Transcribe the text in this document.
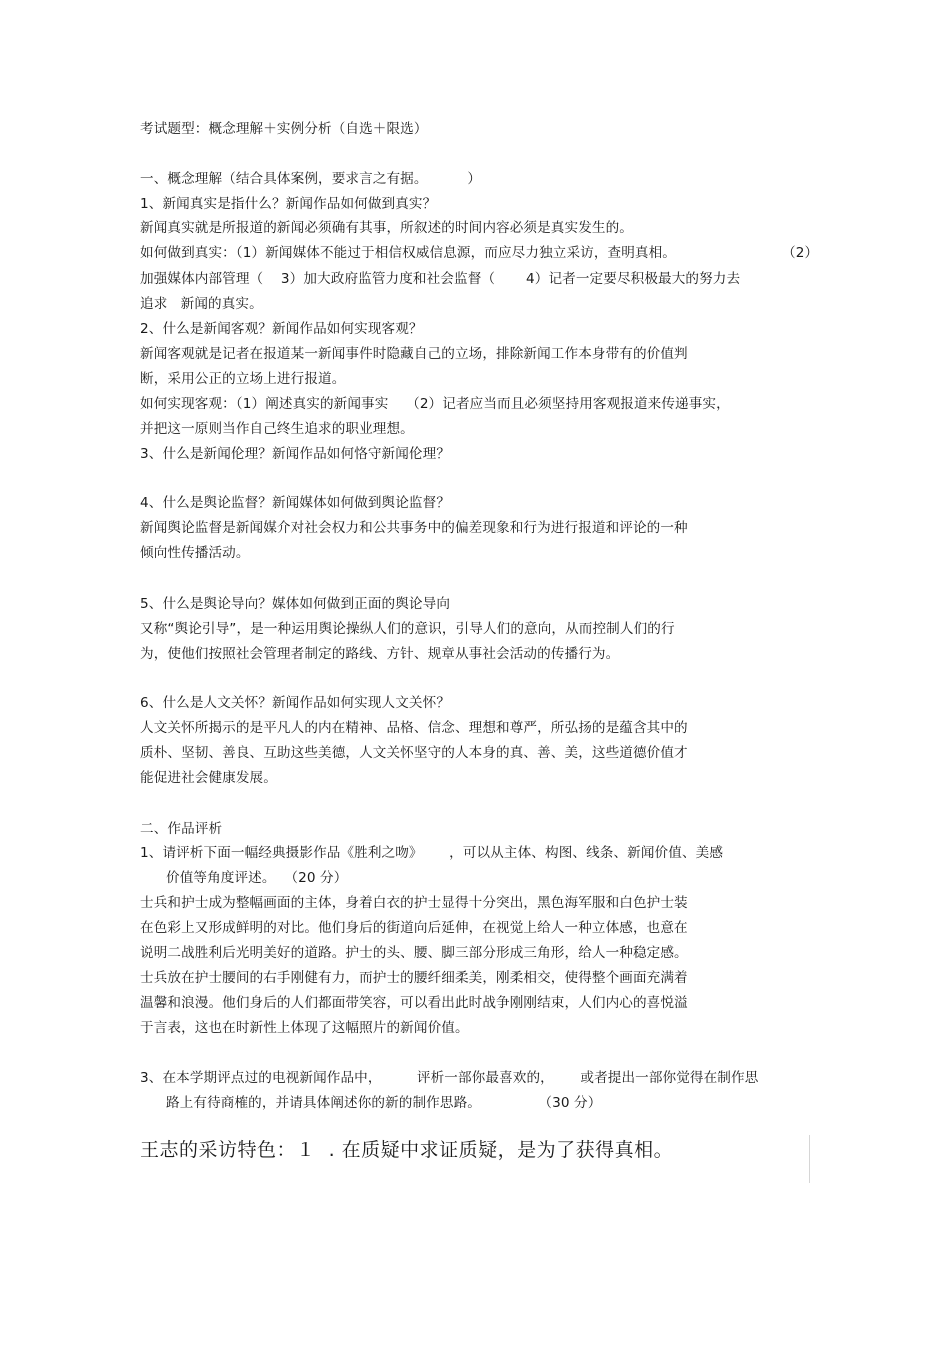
考试题型：概念理解＋实例分析（自选＋限选）
一、概念理解（结合具体案例，要求言之有据。         ）
1、新闻真实是指什么？新闻作品如何做到真实？
新闻真实就是所报道的新闻必须确有其事，所叙述的时间内容必须是真实发生的。
如何做到真实：（1）新闻媒体不能过于相信权威信息源，而应尽力独立采访，查明真相。	（2）
加强媒体内部管理（    3）加大政府监管力度和社会监督（       4）记者一定要尽积极最大的努力去
追求   新闻的真实。
2、什么是新闻客观？新闻作品如何实现客观？
新闻客观就是记者在报道某一新闻事件时隐藏自己的立场，排除新闻工作本身带有的价值判
断，采用公正的立场上进行报道。
如何实现客观：（1）阐述真实的新闻事实    （2）记者应当而且必须坚持用客观报道来传递事实，
并把这一原则当作自己终生追求的职业理想。
3、什么是新闻伦理？新闻作品如何恪守新闻伦理？
4、什么是舆论监督？新闻媒体如何做到舆论监督？
新闻舆论监督是新闻媒介对社会权力和公共事务中的偏差现象和行为进行报道和评论的一种
倾向性传播活动。
5、什么是舆论导向？媒体如何做到正面的舆论导向
又称“舆论引导”，是一种运用舆论操纵人们的意识，引导人们的意向，从而控制人们的行
为，使他们按照社会管理者制定的路线、方针、规章从事社会活动的传播行为。
6、什么是人文关怀？新闻作品如何实现人文关怀？
人文关怀所揭示的是平凡人的内在精神、品格、信念、理想和尊严，所弘扬的是蕴含其中的
质朴、坚韧、善良、互助这些美德，人文关怀坚守的人本身的真、善、美，这些道德价值才
能促进社会健康发展。
二、作品评析
1、请评析下面一幅经典摄影作品《胜利之吻》      ，可以从主体、构图、线条、新闻价值、美感
价值等角度评述。  （20 分）
士兵和护士成为整幅画面的主体，身着白衣的护士显得十分突出，黑色海军服和白色护士装
在色彩上又形成鲜明的对比。他们身后的街道向后延伸，在视觉上给人一种立体感，也意在
说明二战胜利后光明美好的道路。护士的头、腰、脚三部分形成三角形，给人一种稳定感。
士兵放在护士腰间的右手刚健有力，而护士的腰纤细柔美，刚柔相交，使得整个画面充满着
温馨和浪漫。他们身后的人们都面带笑容，可以看出此时战争刚刚结束，人们内心的喜悦溢
于言表，这也在时新性上体现了这幅照片的新闻价值。
3、在本学期评点过的电视新闻作品中，        评析一部你最喜欢的，      或者提出一部你觉得在制作思
路上有待商榷的，并请具体阐述你的新的制作思路。             （30 分）
王志的采访特色：１  . 在质疑中求证质疑，是为了获得真相。
